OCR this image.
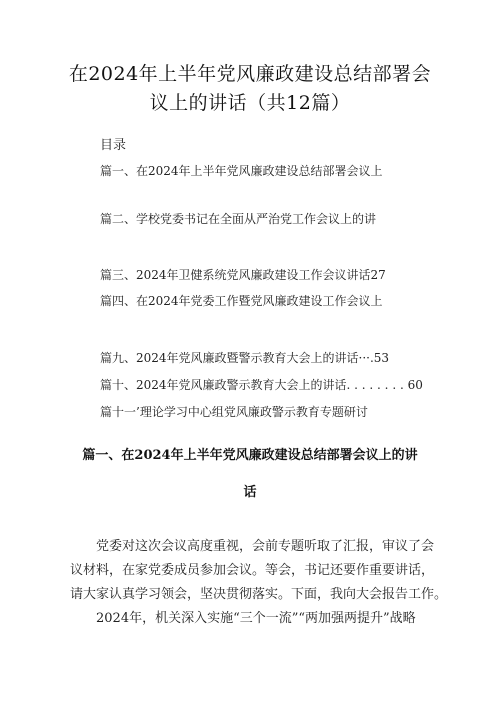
在2024年上半年党风廉政建设总结部署会
议上的讲话（共12篇）
目录
篇一、在2024年上半年党风廉政建设总结部署会议上
篇二、学校党委书记在全面从严治党工作会议上的讲
篇三、2024年卫健系统党风廉政建设工作会议讲话27
篇四、在2024年党委工作暨党风廉政建设工作会议上
篇九、2024年党风廉政暨警示教育大会上的讲话···.53
篇十、2024年党风廉政警示教育大会上的讲话. . . . . . . . 60
篇十一’理论学习中心组党风廉政警示教育专题研讨
篇一、在2024年上半年党风廉政建设总结部署会议上的讲
话
　　党委对这次会议高度重视，会前专题听取了汇报，审议了会
议材料，在家党委成员参加会议。等会，书记还要作重要讲话，
请大家认真学习领会，坚决贯彻落实。下面，我向大会报告工作。
　　2024年，机关深入实施“三个一流”“两加强两提升”战略
